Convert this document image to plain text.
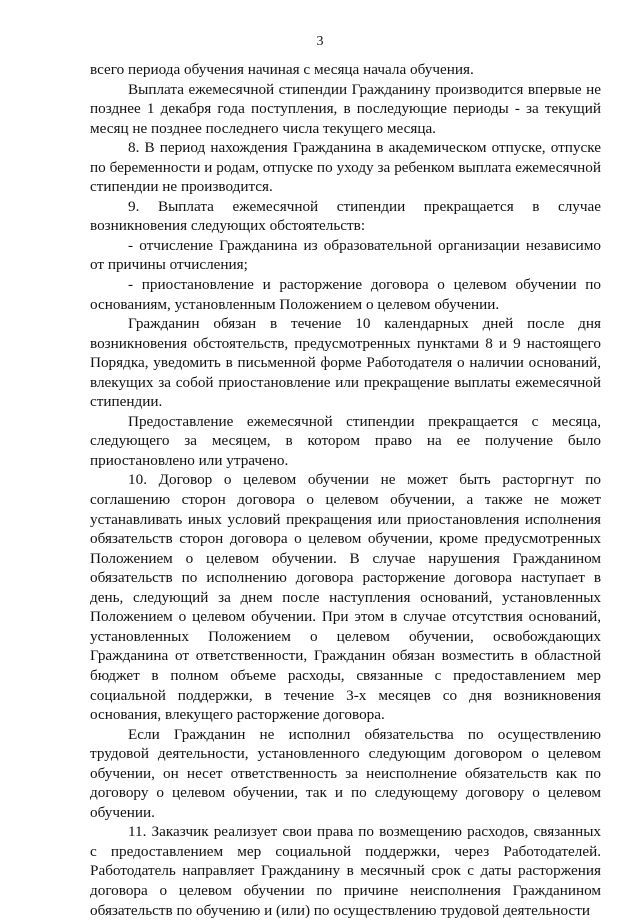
3

всего периода обучения начиная с месяца начала обучения.

Выплата ежемесячной стипендии Гражданину производится впервые не позднее 1 декабря года поступления, в последующие периоды - за текущий месяц не позднее последнего числа текущего месяца.

8. В период нахождения Гражданина в академическом отпуске, отпуске по беременности и родам, отпуске по уходу за ребенком выплата ежемесячной стипендии не производится.

9. Выплата ежемесячной стипендии прекращается в случае возникновения следующих обстоятельств:

- отчисление Гражданина из образовательной организации независимо от причины отчисления;

- приостановление и расторжение договора о целевом обучении по основаниям, установленным Положением о целевом обучении.

Гражданин обязан в течение 10 календарных дней после дня возникновения обстоятельств, предусмотренных пунктами 8 и 9 настоящего Порядка, уведомить в письменной форме Работодателя о наличии оснований, влекущих за собой приостановление или прекращение выплаты ежемесячной стипендии.

Предоставление ежемесячной стипендии прекращается с месяца, следующего за месяцем, в котором право на ее получение было приостановлено или утрачено.

10. Договор о целевом обучении не может быть расторгнут по соглашению сторон договора о целевом обучении, а также не может устанавливать иных условий прекращения или приостановления исполнения обязательств сторон договора о целевом обучении, кроме предусмотренных Положением о целевом обучении. В случае нарушения Гражданином обязательств по исполнению договора расторжение договора наступает в день, следующий за днем после наступления оснований, установленных Положением о целевом обучении. При этом в случае отсутствия оснований, установленных Положением о целевом обучении, освобождающих Гражданина от ответственности, Гражданин обязан возместить в областной бюджет в полном объеме расходы, связанные с предоставлением мер социальной поддержки, в течение 3-х месяцев со дня возникновения основания, влекущего расторжение договора.

Если Гражданин не исполнил обязательства по осуществлению трудовой деятельности, установленного следующим договором о целевом обучении, он несет ответственность за неисполнение обязательств как по договору о целевом обучении, так и по следующему договору о целевом обучении.

11. Заказчик реализует свои права по возмещению расходов, связанных с предоставлением мер социальной поддержки, через Работодателей. Работодатель направляет Гражданину в месячный срок с даты расторжения договора о целевом обучении по причине неисполнения Гражданином обязательств по обучению и (или) по осуществлению трудовой деятельности
